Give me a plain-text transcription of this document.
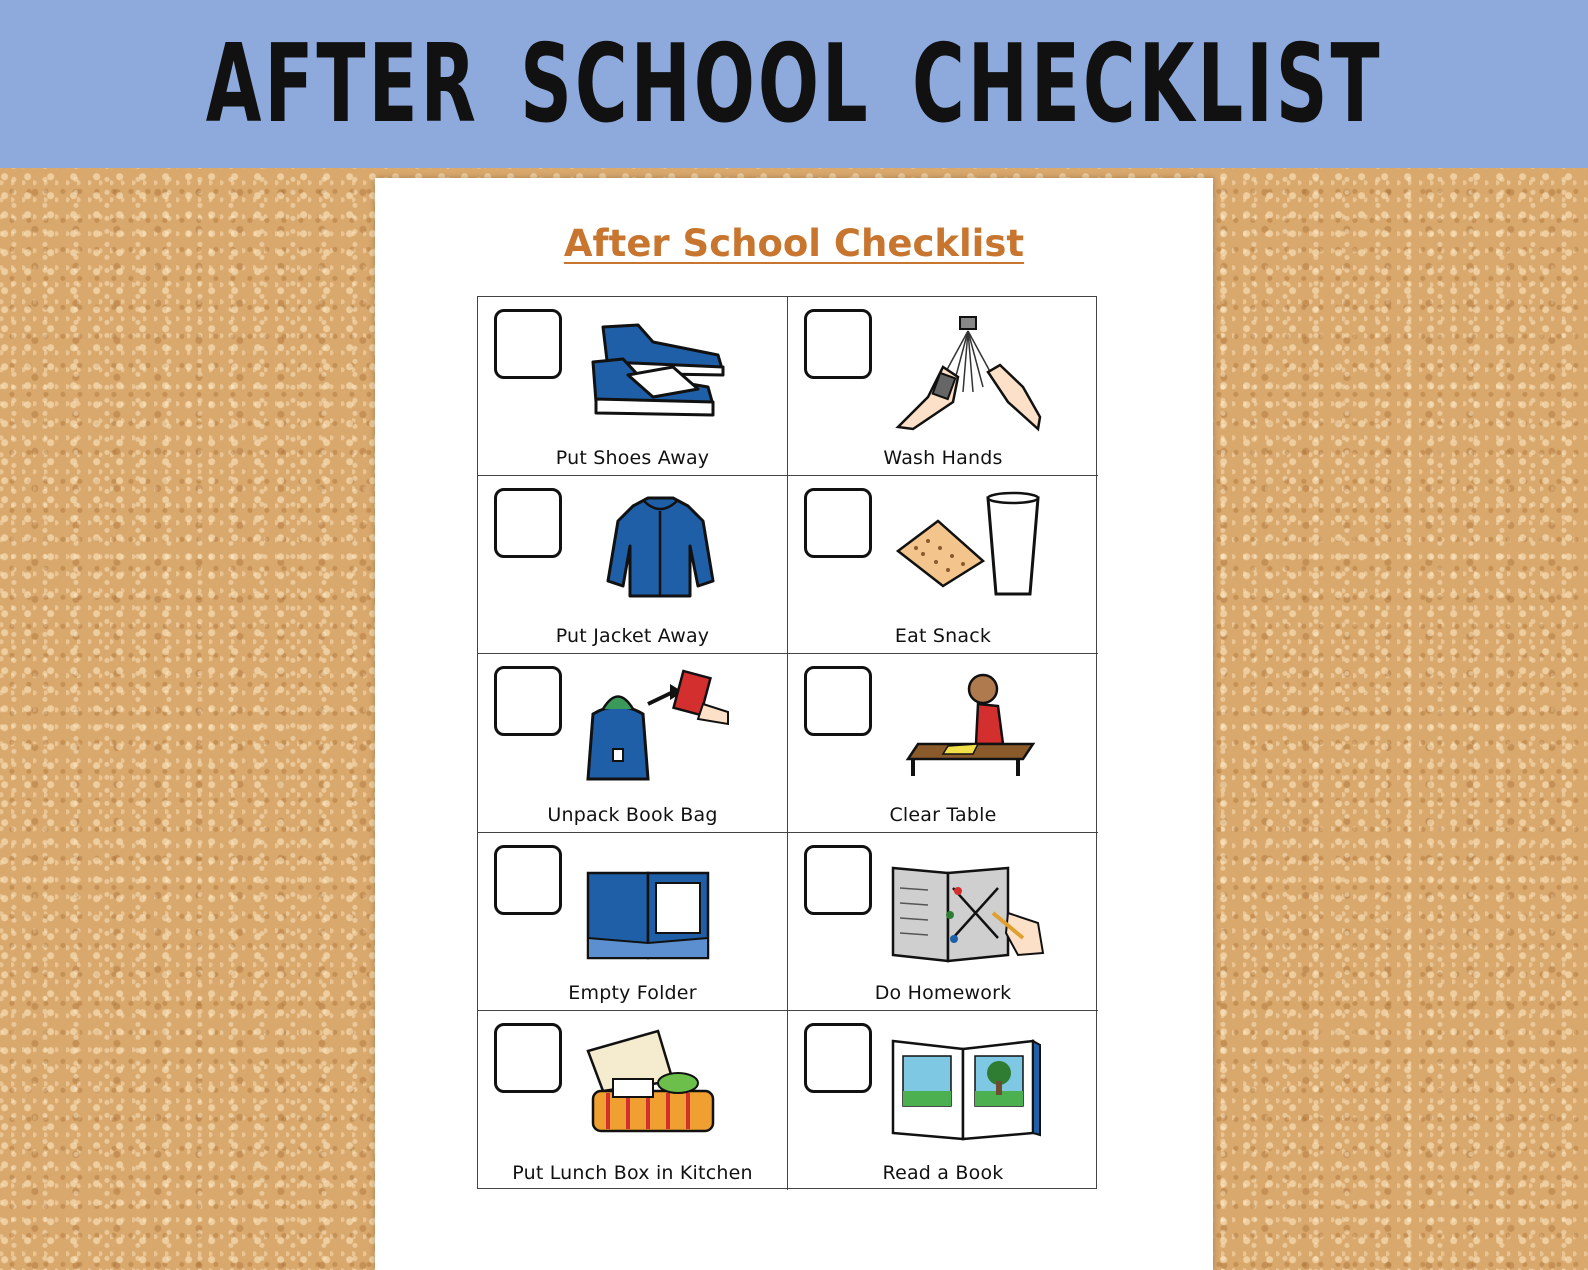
AFTER SCHOOL CHECKLIST
After School Checklist
Put Shoes Away	Wash Hands
Put Jacket Away	Eat Snack
Unpack Book Bag	Clear Table
Empty Folder	Do Homework
Put Lunch Box in Kitchen	Read a Book
